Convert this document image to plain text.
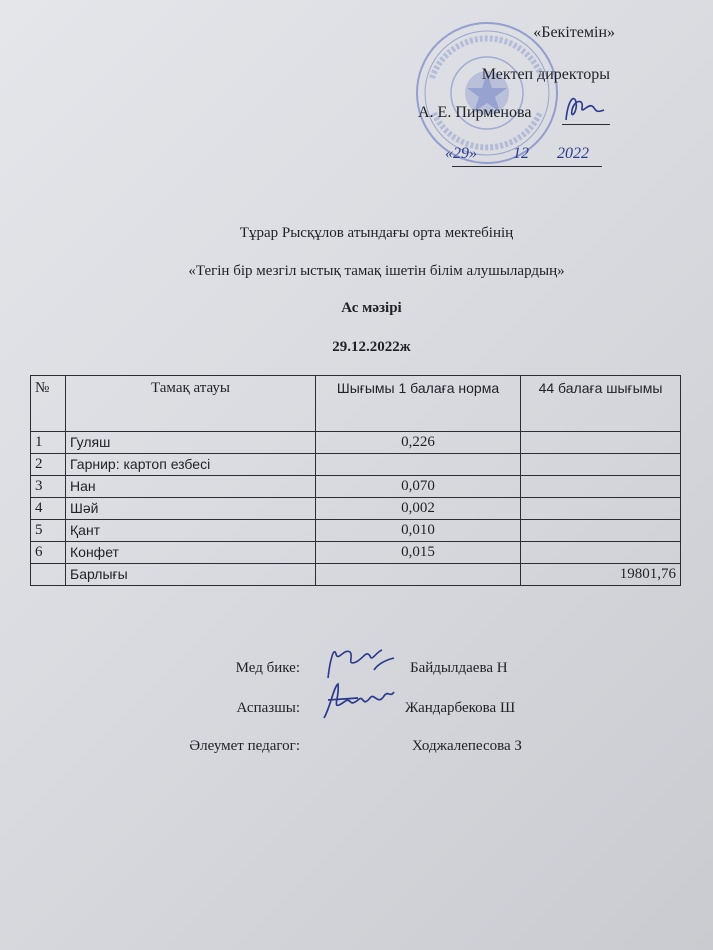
«Бекітемін»
Мектеп директоры
А. Е. Пирменова
«29»  12 2022
Тұрар Рысқұлов атындағы орта мектебінің
«Тегін бір мезгіл ыстық тамақ ішетін білім алушылардың»
Ас мәзірі
29.12.2022ж
№	Тамақ атауы	Шығымы 1 балаға норма	44 балаға шығымы
1	Гуляш	0,226	
2	Гарнир: картоп езбесі		
3	Нан	0,070	
4	Шәй	0,002	
5	Қант	0,010	
6	Конфет	0,015	
	Барлығы		19801,76
Мед бике:	Байдылдаева Н
Аспазшы:	Жандарбекова Ш
Әлеумет педагог:	Ходжалепесова З
